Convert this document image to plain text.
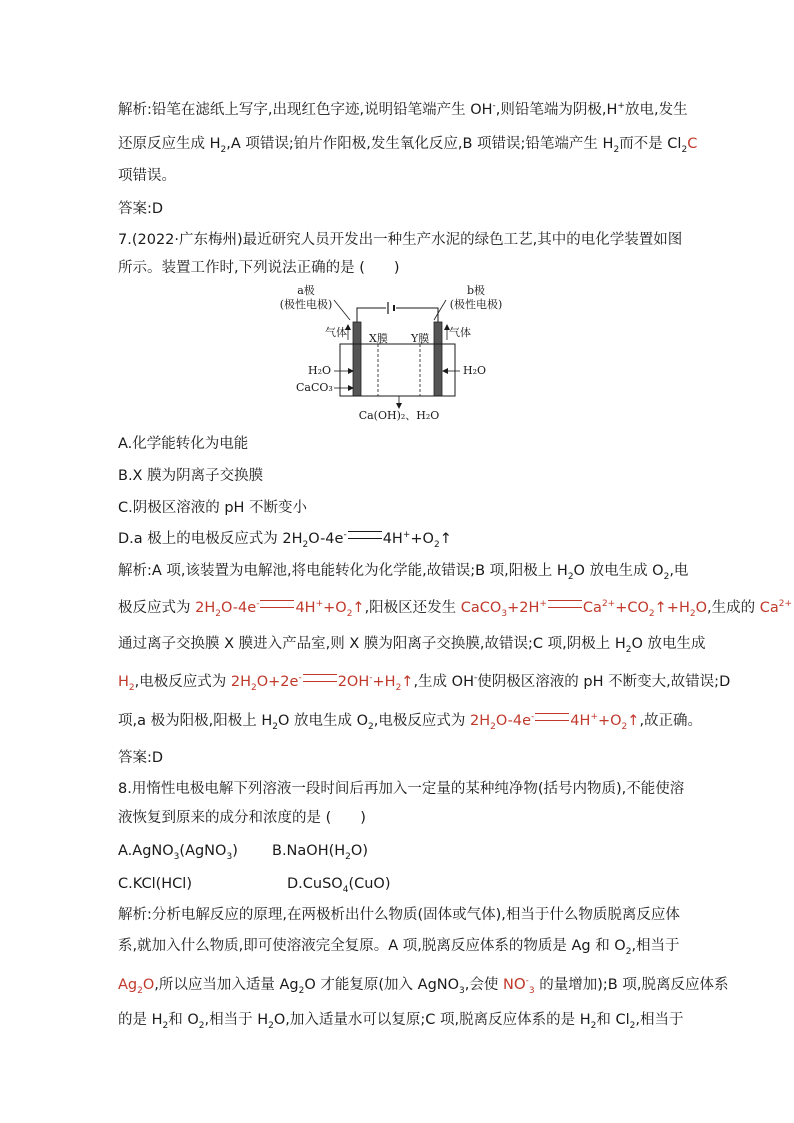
解析:铅笔在滤纸上写字,出现红色字迹,说明铅笔端产生 OH-,则铅笔端为阴极,H+放电,发生
还原反应生成 $H_2,A$ 项错误;铂片作阳极,发生氧化反应,B 项错误;铅笔端产生 $H_2$而不是 $Cl_2C$
项错误。
答案:D
7.(2022·广东梅州)最近研究人员开发出一种生产水泥的绿色工艺,其中的电化学装置如图
所示。装置工作时,下列说法正确的是 (　　)
a极
(极性电极)
b极
(极性电极)
气体	气体
X膜 Y膜
H₂O
CaCO₃
H₂O
Ca(OH)₂、H₂O
A.化学能转化为电能
B.X 膜为阴离子交换膜
C.阴极区溶液的 pH 不断变小
D.a 极上的电极反应式为 $2H_2O-4e^-$ $4H^++O_2↑$
解析:A 项,该装置为电解池,将电能转化为化学能,故错误;B 项,阳极上 $H_2O$ 放电生成 $O_2$,电
极反应式为 $2H_2O-4e^-$ $4H^++O_2↑$,阳极区还发生 CaCO$_3$+2H+ $Ca^{2+}+CO_2↑+H_2O$,生成的 $Ca^{2+}$
通过离子交换膜 X 膜进入产品室,则 X 膜为阳离子交换膜,故错误;C 项,阴极上 $H_2O$ 放电生成
$H_2$,电极反应式为 $2H_2O+2e^-$ $2OH^-+H_2↑$,生成 OH-使阴极区溶液的 pH 不断变大,故错误;D
项,a 极为阳极,阳极上 $H_2O$ 放电生成 $O_2$,电极反应式为 $2H_2O-4e^-$ $4H^++O_2↑$,故正确。
答案:D
8.用惰性电极电解下列溶液一段时间后再加入一定量的某种纯净物(括号内物质),不能使溶
液恢复到原来的成分和浓度的是 (　　)
A.AgNO$_3$(AgNO$_3$) $B.NaOH(H_2O)$
C.KCl(HCl)	D.CuSO$_4$(CuO)
解析:分析电解反应的原理,在两极析出什么物质(固体或气体),相当于什么物质脱离反应体
系,就加入什么物质,即可使溶液完全复原。A 项,脱离反应体系的物质是 Ag 和 $O_2$,相当于
$Ag_2O$,所以应当加入适量 $Ag_2O$ 才能复原(加入 AgNO$_3$,会使 $NO^-_3$ 的量增加);B 项,脱离反应体系
的是 $H_2$和 $O_2$,相当于 $H_2O$,加入适量水可以复原;C 项,脱离反应体系的是 $H_2$和 $Cl_2$,相当于
